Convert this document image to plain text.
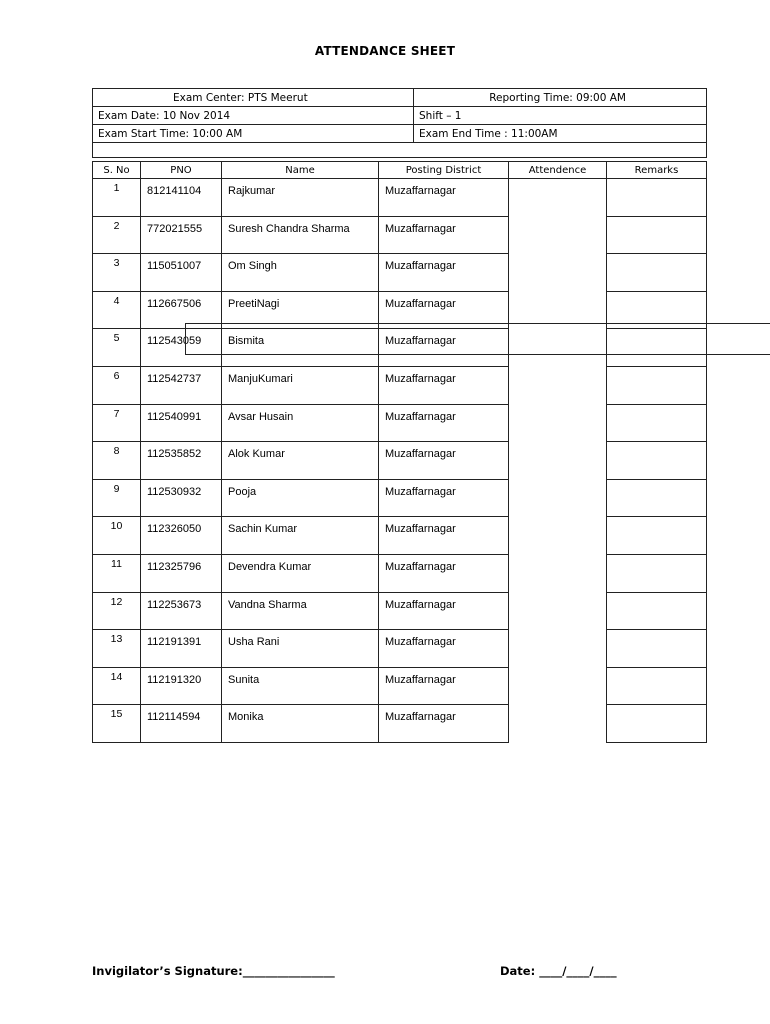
ATTENDANCE SHEET
Exam Center: PTS Meerut	Reporting Time: 09:00 AM
Exam Date: 10 Nov 2014	Shift – 1
Exam Start Time: 10:00 AM	Exam End Time : 11:00AM

S. No	PNO	Name	Posting District	Attendence	Remarks
1	812141104	Rajkumar	Muzaffarnagar	

2	772021555	Suresh Chandra Sharma	Muzaffarnagar	

3	115051007	Om Singh	Muzaffarnagar	

4	112667506	PreetiNagi	Muzaffarnagar	

5	112543059	Bismita	Muzaffarnagar	

6	112542737	ManjuKumari	Muzaffarnagar	

7	112540991	Avsar Husain	Muzaffarnagar	

8	112535852	Alok Kumar	Muzaffarnagar	

9	112530932	Pooja	Muzaffarnagar	

10	112326050	Sachin Kumar	Muzaffarnagar	

11	112325796	Devendra Kumar	Muzaffarnagar	

12	112253673	Vandna Sharma	Muzaffarnagar	

13	112191391	Usha Rani	Muzaffarnagar	

14	112191320	Sunita	Muzaffarnagar	

15	112114594	Monika	Muzaffarnagar	
Invigilator’s Signature:________________	Date: ____/____/____
